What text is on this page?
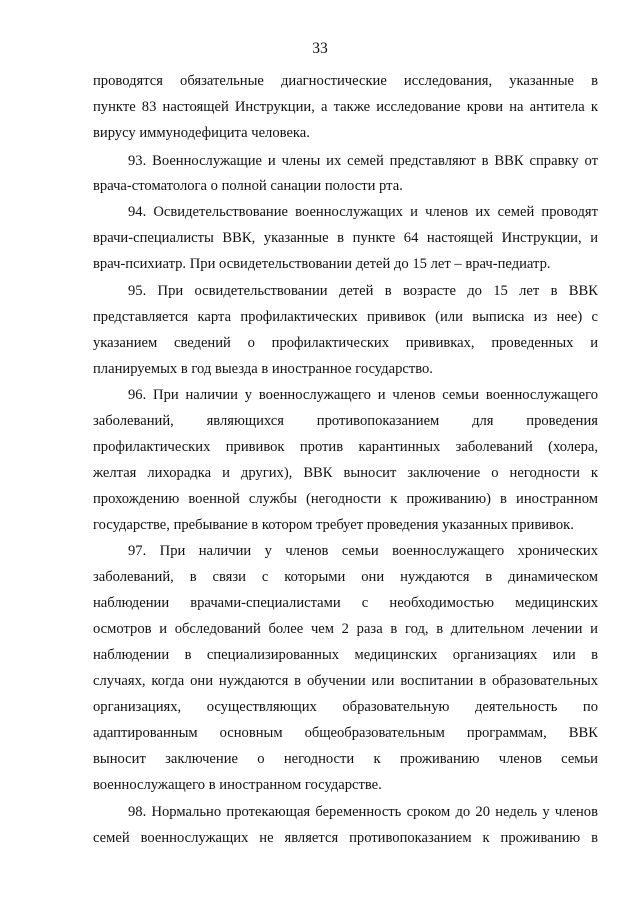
33
проводятся обязательные диагностические исследования, указанные в
пункте 83 настоящей Инструкции, а также исследование крови на антитела к
вирусу иммунодефицита человека.
93. Военнослужащие и члены их семей представляют в ВВК справку от
врача-стоматолога о полной санации полости рта.
94. Освидетельствование военнослужащих и членов их семей проводят
врачи-специалисты ВВК, указанные в пункте 64 настоящей Инструкции, и
врач-психиатр. При освидетельствовании детей до 15 лет – врач-педиатр.
95. При освидетельствовании детей в возрасте до 15 лет в ВВК
представляется карта профилактических прививок (или выписка из нее) с
указанием сведений о профилактических прививках, проведенных и
планируемых в год выезда в иностранное государство.
96. При наличии у военнослужащего и членов семьи военнослужащего
заболеваний, являющихся противопоказанием для проведения
профилактических прививок против карантинных заболеваний (холера,
желтая лихорадка и других), ВВК выносит заключение о негодности к
прохождению военной службы (негодности к проживанию) в иностранном
государстве, пребывание в котором требует проведения указанных прививок.
97. При наличии у членов семьи военнослужащего хронических
заболеваний, в связи с которыми они нуждаются в динамическом
наблюдении врачами-специалистами с необходимостью медицинских
осмотров и обследований более чем 2 раза в год, в длительном лечении и
наблюдении в специализированных медицинских организациях или в
случаях, когда они нуждаются в обучении или воспитании в образовательных
организациях, осуществляющих образовательную деятельность по
адаптированным основным общеобразовательным программам, ВВК
выносит заключение о негодности к проживанию членов семьи
военнослужащего в иностранном государстве.
98. Нормально протекающая беременность сроком до 20 недель у членов
семей военнослужащих не является противопоказанием к проживанию в
